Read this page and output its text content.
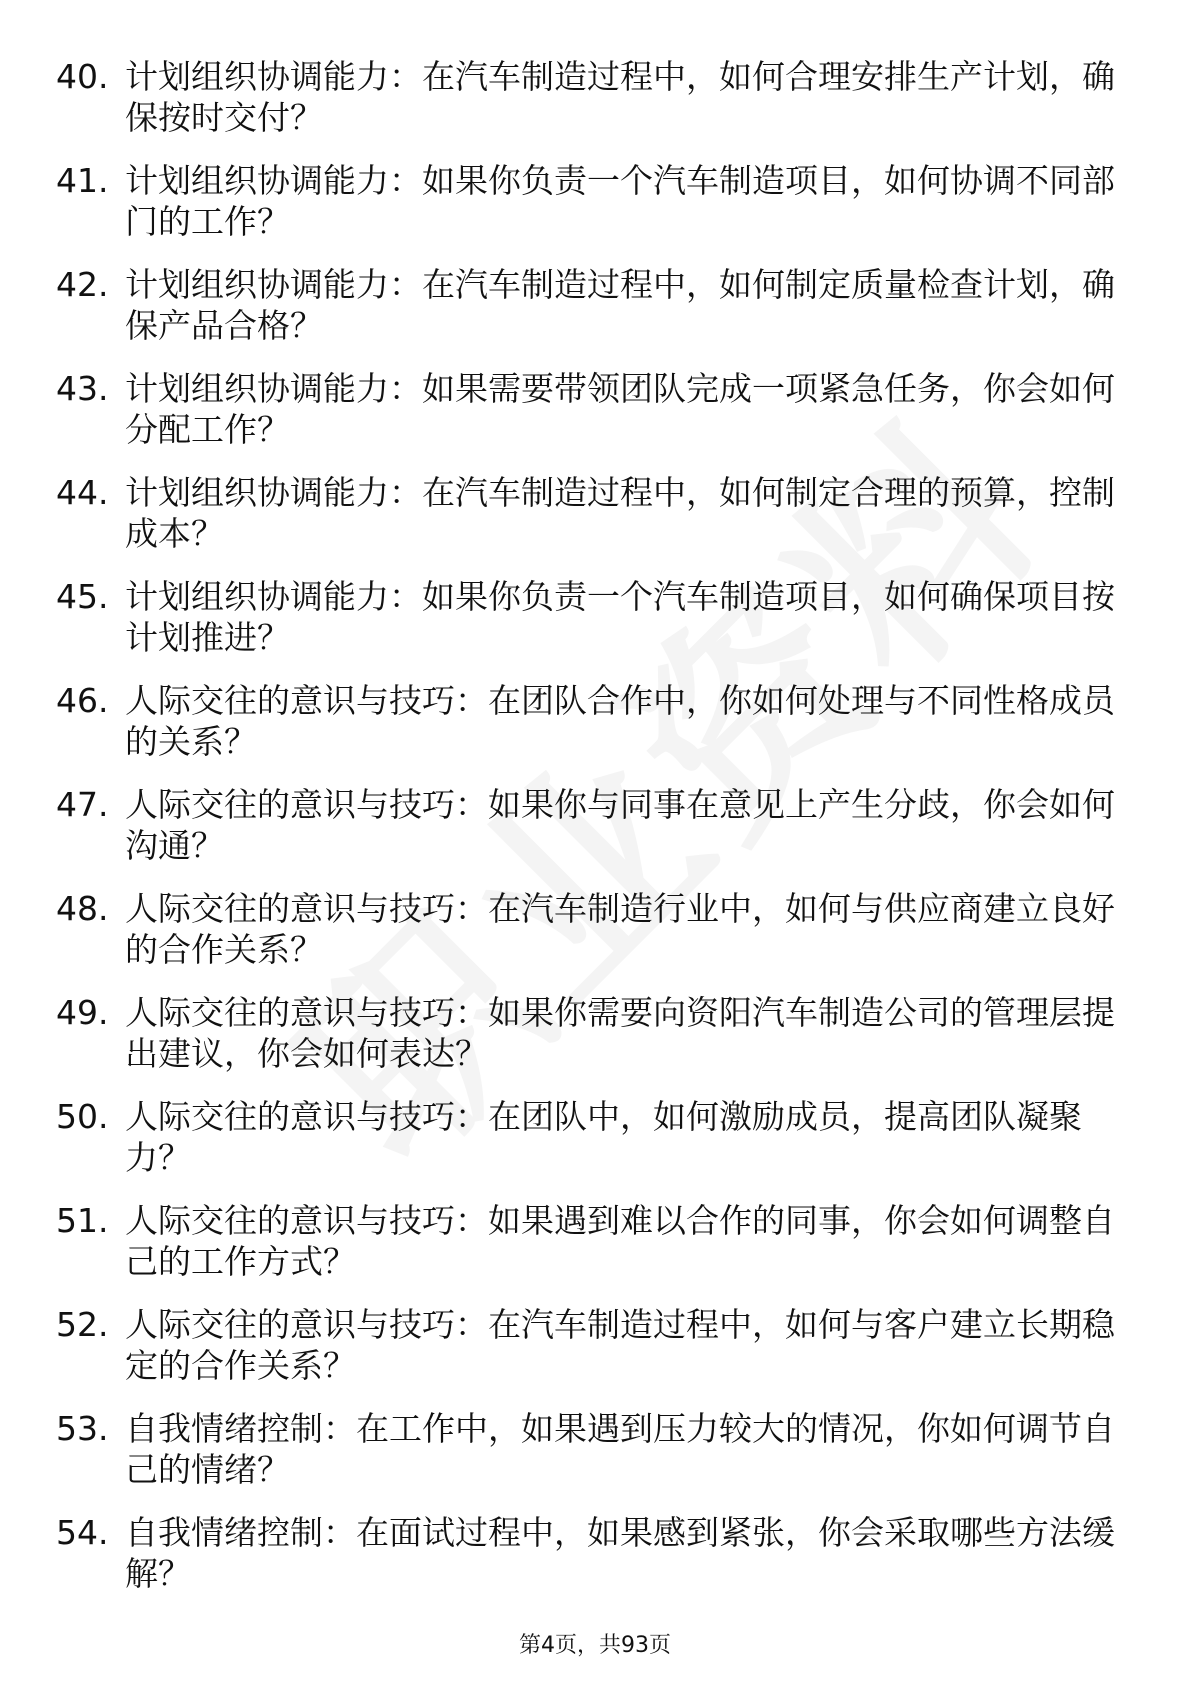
40. 计划组织协调能力：在汽车制造过程中，如何合理安排生产计划，确保按时交付？
41. 计划组织协调能力：如果你负责一个汽车制造项目，如何协调不同部门的工作？
42. 计划组织协调能力：在汽车制造过程中，如何制定质量检查计划，确保产品合格？
43. 计划组织协调能力：如果需要带领团队完成一项紧急任务，你会如何分配工作？
44. 计划组织协调能力：在汽车制造过程中，如何制定合理的预算，控制成本？
45. 计划组织协调能力：如果你负责一个汽车制造项目，如何确保项目按计划推进？
46. 人际交往的意识与技巧：在团队合作中，你如何处理与不同性格成员的关系？
47. 人际交往的意识与技巧：如果你与同事在意见上产生分歧，你会如何沟通？
48. 人际交往的意识与技巧：在汽车制造行业中，如何与供应商建立良好的合作关系？
49. 人际交往的意识与技巧：如果你需要向资阳汽车制造公司的管理层提出建议，你会如何表达？
50. 人际交往的意识与技巧：在团队中，如何激励成员，提高团队凝聚力？
51. 人际交往的意识与技巧：如果遇到难以合作的同事，你会如何调整自己的工作方式？
52. 人际交往的意识与技巧：在汽车制造过程中，如何与客户建立长期稳定的合作关系？
53. 自我情绪控制：在工作中，如果遇到压力较大的情况，你如何调节自己的情绪？
54. 自我情绪控制：在面试过程中，如果感到紧张，你会采取哪些方法缓解？
第4页，共93页
